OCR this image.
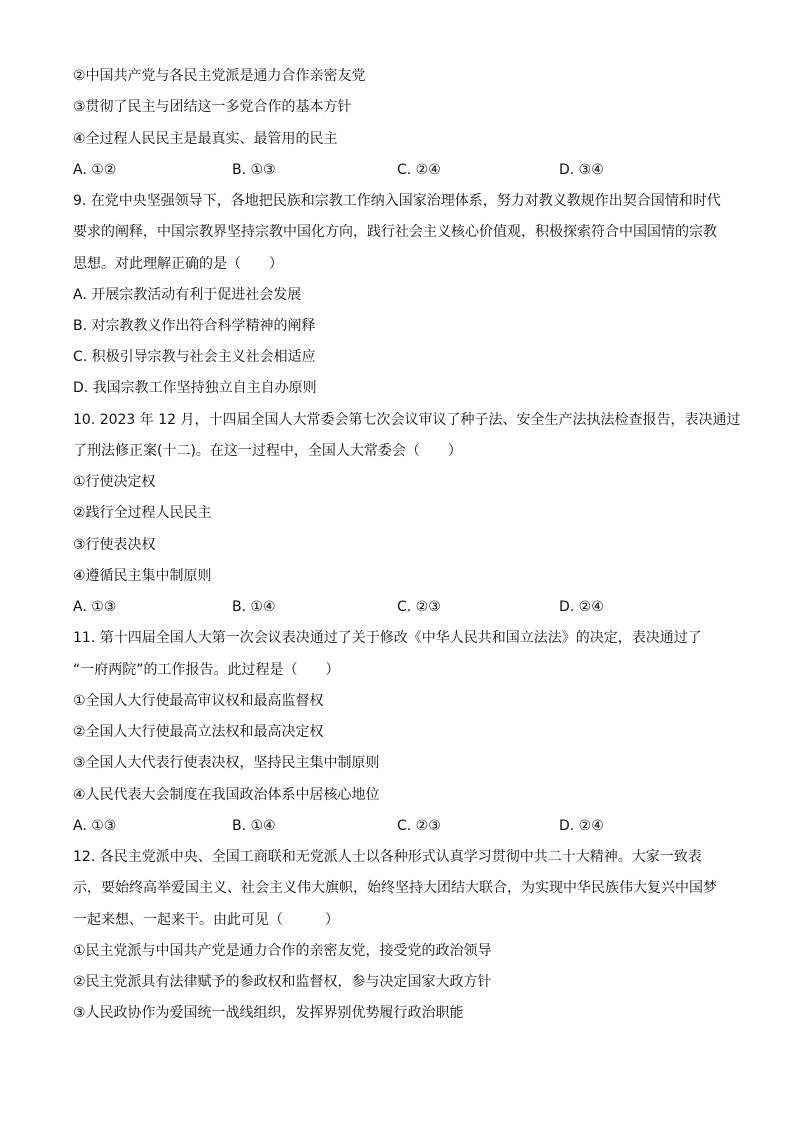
②中国共产党与各民主党派是通力合作亲密友党
③贯彻了民主与团结这一多党合作的基本方针
④全过程人民民主是最真实、最管用的民主
A. ①②	B. ①③	C. ②④	D. ③④
9. 在党中央坚强领导下，各地把民族和宗教工作纳入国家治理体系，努力对教义教规作出契合国情和时代
要求的阐释，中国宗教界坚持宗教中国化方向，践行社会主义核心价值观，积极探索符合中国国情的宗教
思想。对此理解正确的是（　　）
A. 开展宗教活动有利于促进社会发展
B. 对宗教教义作出符合科学精神的阐释
C. 积极引导宗教与社会主义社会相适应
D. 我国宗教工作坚持独立自主自办原则
10. 2023 年 12 月，十四届全国人大常委会第七次会议审议了种子法、安全生产法执法检查报告，表决通过
了刑法修正案(十二)。在这一过程中，全国人大常委会（　　）
①行使决定权
②践行全过程人民民主
③行使表决权
④遵循民主集中制原则
A. ①③	B. ①④	C. ②③	D. ②④
11. 第十四届全国人大第一次会议表决通过了关于修改《中华人民共和国立法法》的决定，表决通过了
“一府两院”的工作报告。此过程是（　　）
①全国人大行使最高审议权和最高监督权
②全国人大行使最高立法权和最高决定权
③全国人大代表行使表决权，坚持民主集中制原则
④人民代表大会制度在我国政治体系中居核心地位
A. ①③	B. ①④	C. ②③	D. ②④
12. 各民主党派中央、全国工商联和无党派人士以各种形式认真学习贯彻中共二十大精神。大家一致表
示，要始终高举爱国主义、社会主义伟大旗帜，始终坚持大团结大联合，为实现中华民族伟大复兴中国梦
一起来想、一起来干。由此可见（　　　）
①民主党派与中国共产党是通力合作的亲密友党，接受党的政治领导
②民主党派具有法律赋予的参政权和监督权，参与决定国家大政方针
③人民政协作为爱国统一战线组织，发挥界别优势履行政治职能
